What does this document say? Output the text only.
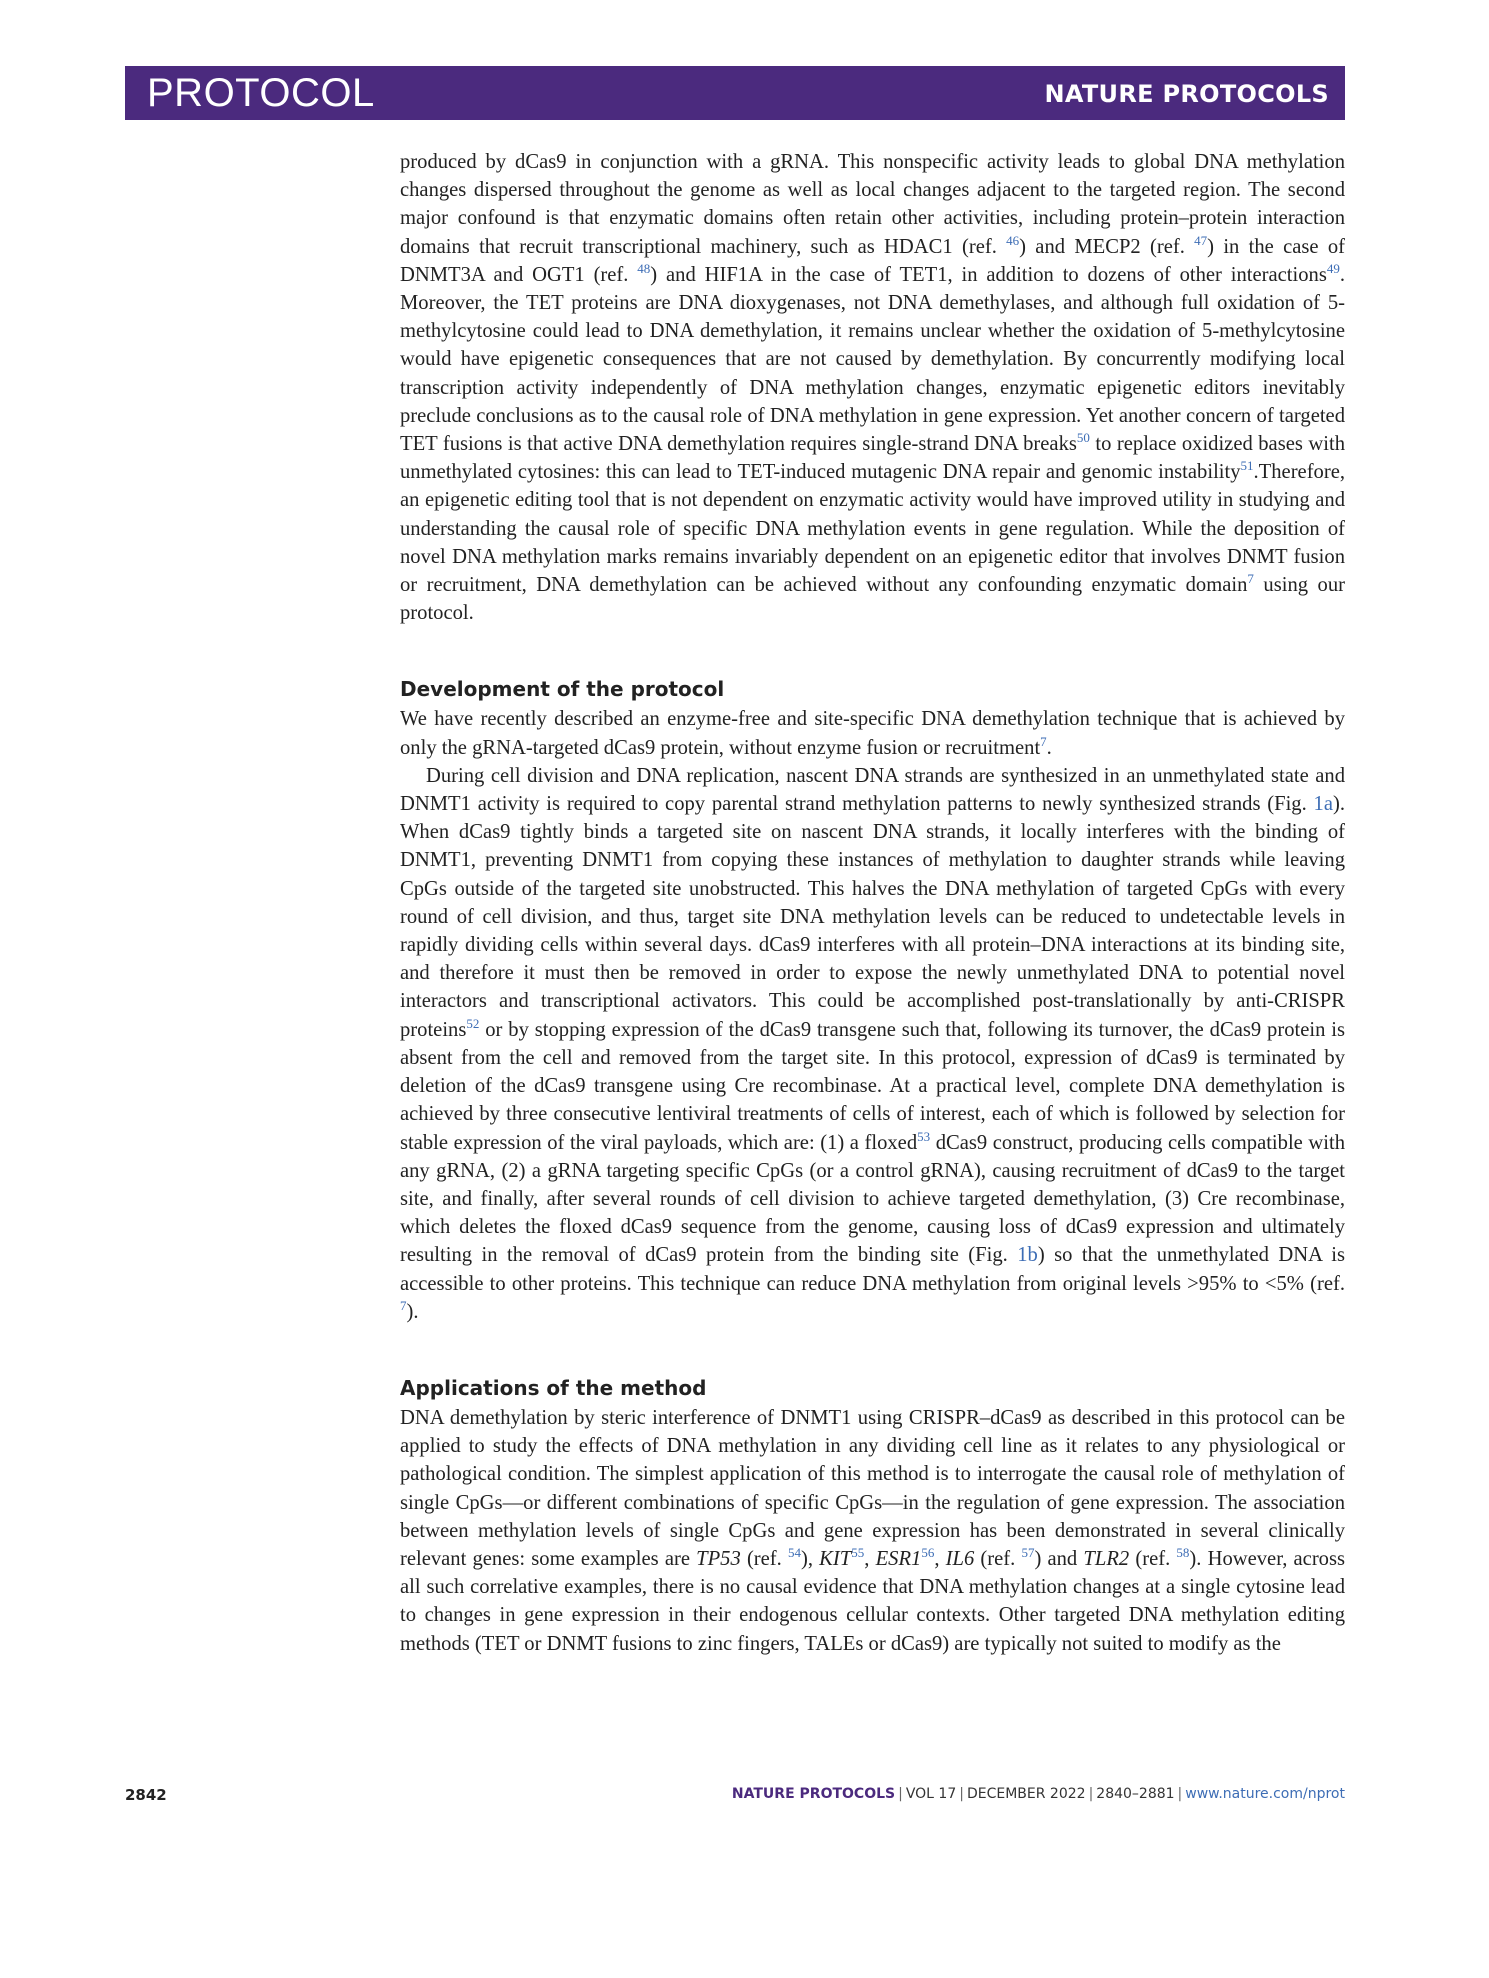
PROTOCOL	NATURE PROTOCOLS

produced by dCas9 in conjunction with a gRNA. This nonspecific activity leads to global DNA methylation changes dispersed throughout the genome as well as local changes adjacent to the targeted region. The second major confound is that enzymatic domains often retain other activities, including protein–protein interaction domains that recruit transcriptional machinery, such as HDAC1 (ref. $^{46}$) and MECP2 (ref. $^{47}$) in the case of DNMT3A and OGT1 (ref. $^{48}$) and HIF1A in the case of TET1, in addition to dozens of other interactions$^{49}$. Moreover, the TET proteins are DNA dioxygenases, not DNA demethylases, and although full oxidation of 5-methylcytosine could lead to DNA demethylation, it remains unclear whether the oxidation of 5-methylcytosine would have epigenetic consequences that are not caused by demethylation. By concurrently modifying local transcription activity independently of DNA methylation changes, enzymatic epigenetic editors inevitably preclude conclusions as to the causal role of DNA methylation in gene expression. Yet another concern of targeted TET fusions is that active DNA demethylation requires single-strand DNA breaks$^{50}$ to replace oxidized bases with unmethylated cytosines: this can lead to TET-induced mutagenic DNA repair and genomic instability$^{51}$.Therefore, an epigenetic editing tool that is not dependent on enzymatic activity would have improved utility in studying and understanding the causal role of specific DNA methylation events in gene regulation. While the deposition of novel DNA methylation marks remains invariably dependent on an epigenetic editor that involves DNMT fusion or recruitment, DNA demethylation can be achieved without any confounding enzymatic domain$^7$ using our protocol.

Development of the protocol

We have recently described an enzyme-free and site-specific DNA demethylation technique that is achieved by only the gRNA-targeted dCas9 protein, without enzyme fusion or recruitment$^7$.

During cell division and DNA replication, nascent DNA strands are synthesized in an unmethylated state and DNMT1 activity is required to copy parental strand methylation patterns to newly synthesized strands (Fig. 1a). When dCas9 tightly binds a targeted site on nascent DNA strands, it locally interferes with the binding of DNMT1, preventing DNMT1 from copying these instances of methylation to daughter strands while leaving CpGs outside of the targeted site unobstructed. This halves the DNA methylation of targeted CpGs with every round of cell division, and thus, target site DNA methylation levels can be reduced to undetectable levels in rapidly dividing cells within several days. dCas9 interferes with all protein–DNA interactions at its binding site, and therefore it must then be removed in order to expose the newly unmethylated DNA to potential novel interactors and transcriptional activators. This could be accomplished post-translationally by anti-CRISPR proteins$^{52}$ or by stopping expression of the dCas9 transgene such that, following its turnover, the dCas9 protein is absent from the cell and removed from the target site. In this protocol, expression of dCas9 is terminated by deletion of the dCas9 transgene using Cre recombinase. At a practical level, complete DNA demethylation is achieved by three consecutive lentiviral treatments of cells of interest, each of which is followed by selection for stable expression of the viral payloads, which are: (1) a floxed$^{53}$ dCas9 construct, producing cells compatible with any gRNA, (2) a gRNA targeting specific CpGs (or a control gRNA), causing recruitment of dCas9 to the target site, and finally, after several rounds of cell division to achieve targeted demethylation, (3) Cre recombinase, which deletes the floxed dCas9 sequence from the genome, causing loss of dCas9 expression and ultimately resulting in the removal of dCas9 protein from the binding site (Fig. 1b) so that the unmethylated DNA is accessible to other proteins. This technique can reduce DNA methylation from original levels >95% to <5% (ref. $^7$).

Applications of the method

DNA demethylation by steric interference of DNMT1 using CRISPR–dCas9 as described in this protocol can be applied to study the effects of DNA methylation in any dividing cell line as it relates to any physiological or pathological condition. The simplest application of this method is to interrogate the causal role of methylation of single CpGs—or different combinations of specific CpGs—in the regulation of gene expression. The association between methylation levels of single CpGs and gene expression has been demonstrated in several clinically relevant genes: some examples are TP53 (ref. $^{54}$), KIT$^{55}$, ESR1$^{56}$, IL6 (ref. $^{57}$) and TLR2 (ref. $^{58}$). However, across all such correlative examples, there is no causal evidence that DNA methylation changes at a single cytosine lead to changes in gene expression in their endogenous cellular contexts. Other targeted DNA methylation editing methods (TET or DNMT fusions to zinc fingers, TALEs or dCas9) are typically not suited to modify as the

2842	NATURE PROTOCOLS | VOL 17 | DECEMBER 2022 | 2840–2881 | www.nature.com/nprot
